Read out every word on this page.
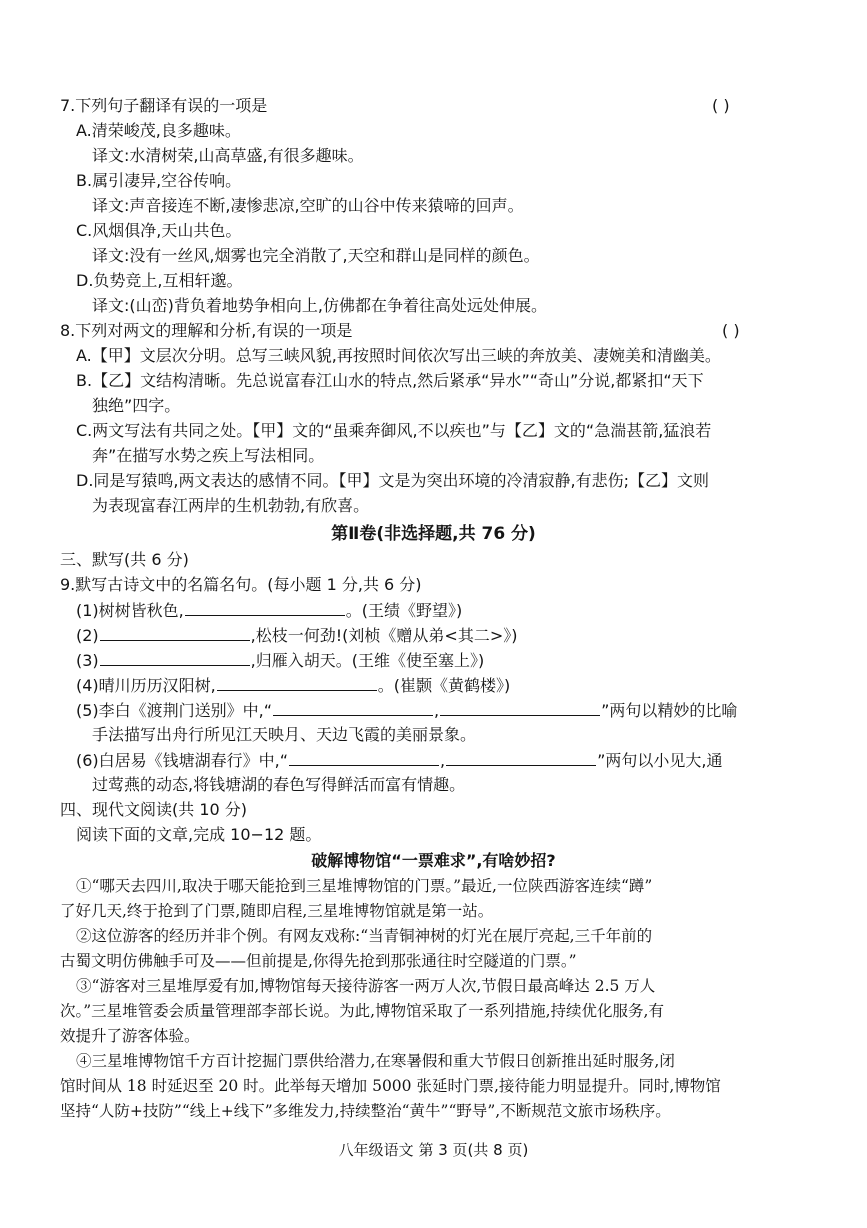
7.下列句子翻译有误的一项是	( )
A.清荣峻茂,良多趣味。
译文:水清树荣,山高草盛,有很多趣味。
B.属引凄异,空谷传响。
译文:声音接连不断,凄惨悲凉,空旷的山谷中传来猿啼的回声。
C.风烟俱净,天山共色。
译文:没有一丝风,烟雾也完全消散了,天空和群山是同样的颜色。
D.负势竞上,互相轩邈。
译文:(山峦)背负着地势争相向上,仿佛都在争着往高处远处伸展。
8.下列对两文的理解和分析,有误的一项是	( )
A.【甲】文层次分明。总写三峡风貌,再按照时间依次写出三峡的奔放美、凄婉美和清幽美。
B.【乙】文结构清晰。先总说富春江山水的特点,然后紧承“异水”“奇山”分说,都紧扣“天下
独绝”四字。
C.两文写法有共同之处。【甲】文的“虽乘奔御风,不以疾也”与【乙】文的“急湍甚箭,猛浪若
奔”在描写水势之疾上写法相同。
D.同是写猿鸣,两文表达的感情不同。【甲】文是为突出环境的冷清寂静,有悲伤;【乙】文则
为表现富春江两岸的生机勃勃,有欣喜。
第Ⅱ卷(非选择题,共 76 分)
三、默写(共 6 分)
9.默写古诗文中的名篇名句。(每小题 1 分,共 6 分)
(1)树树皆秋色,	。(王绩《野望》)
(2)	,松枝一何劲!(刘桢《赠从弟<其二>》)
(3)	,归雁入胡天。(王维《使至塞上》)
(4)晴川历历汉阳树,	。(崔颢《黄鹤楼》)
(5)李白《渡荆门送别》中,“	,	”两句以精妙的比喻
手法描写出舟行所见江天映月、天边飞霞的美丽景象。
(6)白居易《钱塘湖春行》中,“	,	”两句以小见大,通
过莺燕的动态,将钱塘湖的春色写得鲜活而富有情趣。
四、现代文阅读(共 10 分)
阅读下面的文章,完成 10−12 题。
破解博物馆“一票难求”,有啥妙招?
①“哪天去四川,取决于哪天能抢到三星堆博物馆的门票。”最近,一位陕西游客连续“蹲”
了好几天,终于抢到了门票,随即启程,三星堆博物馆就是第一站。
②这位游客的经历并非个例。有网友戏称:“当青铜神树的灯光在展厅亮起,三千年前的
古蜀文明仿佛触手可及——但前提是,你得先抢到那张通往时空隧道的门票。”
③“游客对三星堆厚爱有加,博物馆每天接待游客一两万人次,节假日最高峰达 2.5 万人
次。”三星堆管委会质量管理部李部长说。为此,博物馆采取了一系列措施,持续优化服务,有
效提升了游客体验。
④三星堆博物馆千方百计挖掘门票供给潜力,在寒暑假和重大节假日创新推出延时服务,闭
馆时间从 18 时延迟至 20 时。此举每天增加 5000 张延时门票,接待能力明显提升。同时,博物馆
坚持“人防+技防”“线上+线下”多维发力,持续整治“黄牛”“野导”,不断规范文旅市场秩序。
八年级语文 第 3 页(共 8 页)
